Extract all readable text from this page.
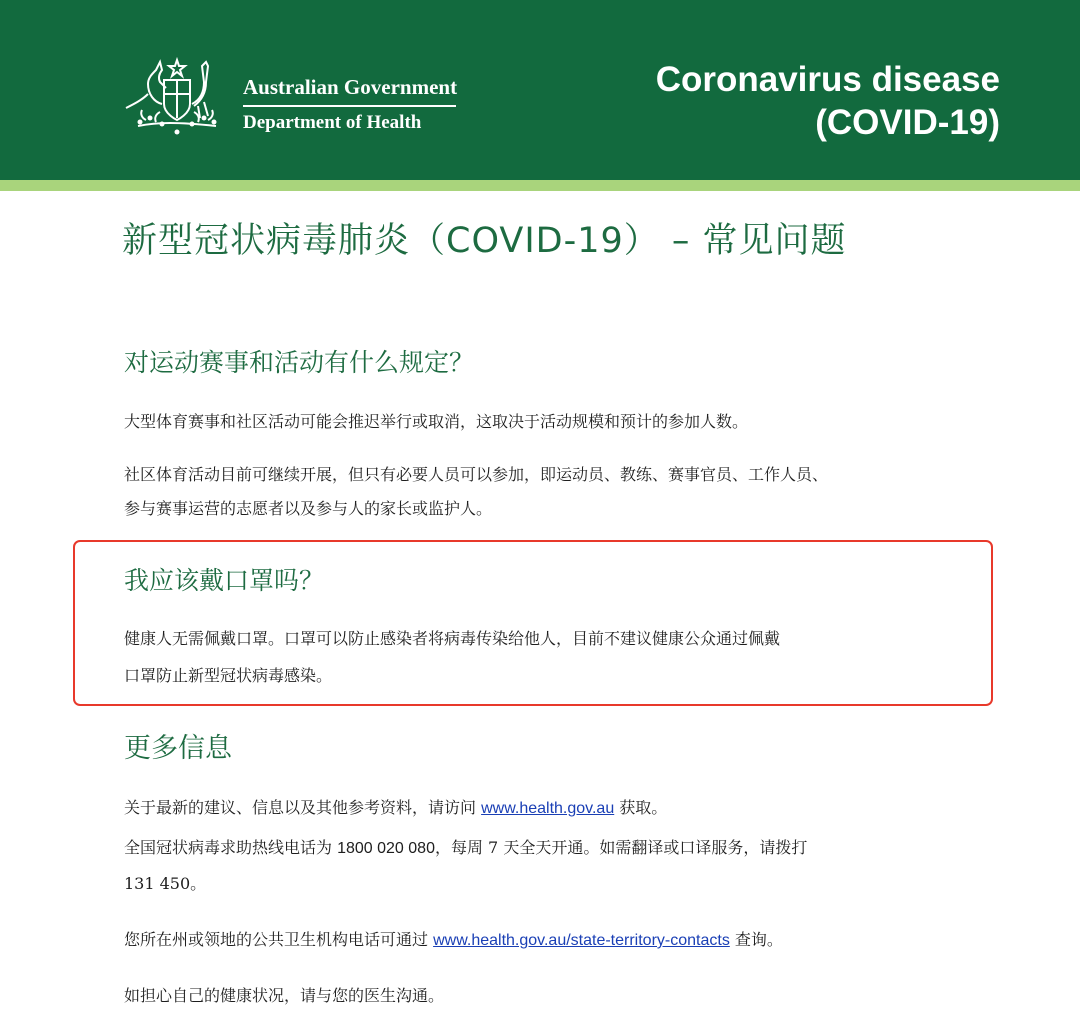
Australian Government
Department of Health
Coronavirus disease
(COVID-19)
新型冠状病毒肺炎（COVID-19） – 常见问题
对运动赛事和活动有什么规定？
大型体育赛事和社区活动可能会推迟举行或取消，这取决于活动规模和预计的参加人数。
社区体育活动目前可继续开展，但只有必要人员可以参加，即运动员、教练、赛事官员、工作人员、
参与赛事运营的志愿者以及参与人的家长或监护人。
我应该戴口罩吗？
健康人无需佩戴口罩。口罩可以防止感染者将病毒传染给他人，目前不建议健康公众通过佩戴
口罩防止新型冠状病毒感染。
更多信息
关于最新的建议、信息以及其他参考资料，请访问 www.health.gov.au 获取。
全国冠状病毒求助热线电话为 1800 020 080，每周 7 天全天开通。如需翻译或口译服务，请拨打
131 450。
您所在州或领地的公共卫生机构电话可通过 www.health.gov.au/state-territory-contacts 查询。
如担心自己的健康状况，请与您的医生沟通。
